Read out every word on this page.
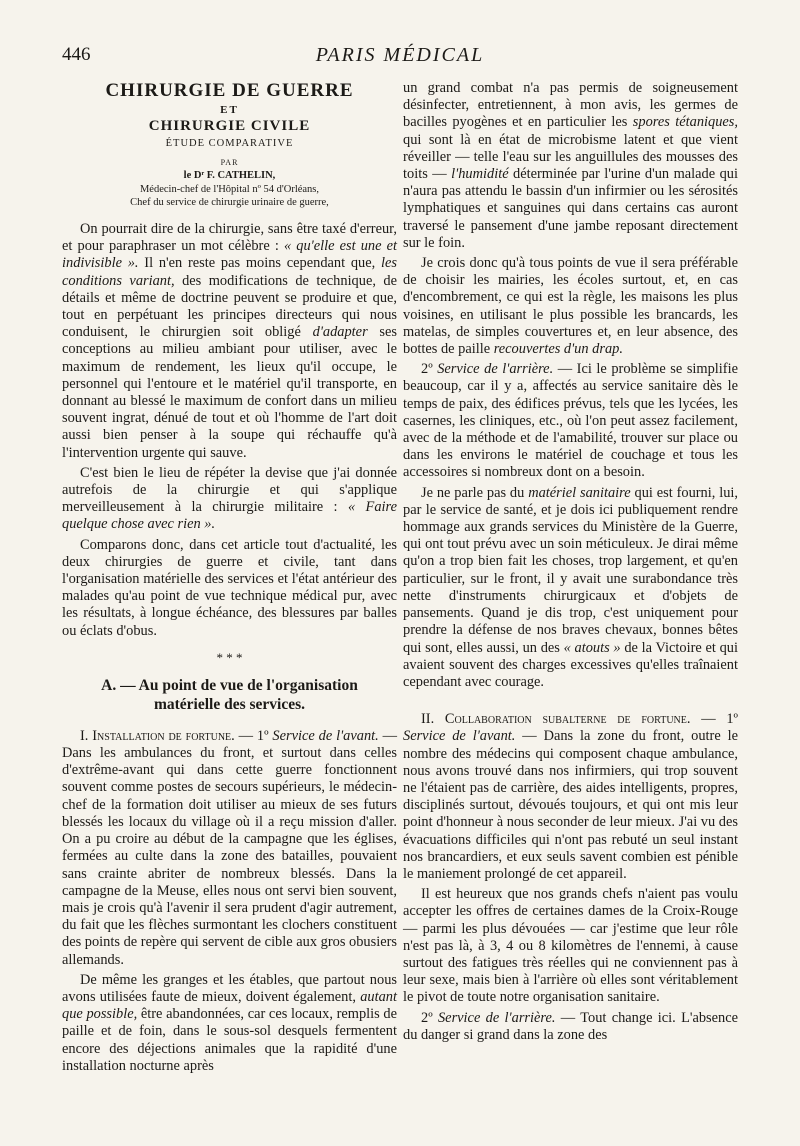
446	PARIS MÉDICAL
CHIRURGIE DE GUERRE
ET
CHIRURGIE CIVILE
ÉTUDE COMPARATIVE
PAR
le Dʳ F. CATHELIN,
Médecin-chef de l'Hôpital nº 54 d'Orléans,
Chef du service de chirurgie urinaire de guerre,

On pourrait dire de la chirurgie, sans être taxé d'erreur, et pour paraphraser un mot célèbre : « qu'elle est une et indivisible ». Il n'en reste pas moins cependant que, les conditions variant, des modifications de technique, de détails et même de doctrine peuvent se produire et que, tout en perpétuant les principes directeurs qui nous conduisent, le chirurgien soit obligé d'adapter ses conceptions au milieu ambiant pour utiliser, avec le maximum de rendement, les lieux qu'il occupe, le personnel qui l'entoure et le matériel qu'il transporte, en donnant au blessé le maximum de confort dans un milieu souvent ingrat, dénué de tout et où l'homme de l'art doit aussi bien penser à la soupe qui réchauffe qu'à l'intervention urgente qui sauve.

C'est bien le lieu de répéter la devise que j'ai donnée autrefois de la chirurgie et qui s'applique merveilleusement à la chirurgie militaire : « Faire quelque chose avec rien ».

Comparons donc, dans cet article tout d'actualité, les deux chirurgies de guerre et civile, tant dans l'organisation matérielle des services et l'état antérieur des malades qu'au point de vue technique médical pur, avec les résultats, à longue échéance, des blessures par balles ou éclats d'obus.

* * *
A. — Au point de vue de l'organisation
matérielle des services.

I. Installation de fortune. — 1º Service de l'avant. — Dans les ambulances du front, et surtout dans celles d'extrême-avant qui dans cette guerre fonctionnent souvent comme postes de secours supérieurs, le médecin-chef de la formation doit utiliser au mieux de ses futurs blessés les locaux du village où il a reçu mission d'aller. On a pu croire au début de la campagne que les églises, fermées au culte dans la zone des batailles, pouvaient sans crainte abriter de nombreux blessés. Dans la campagne de la Meuse, elles nous ont servi bien souvent, mais je crois qu'à l'avenir il sera prudent d'agir autrement, du fait que les flèches surmontant les clochers constituent des points de repère qui servent de cible aux gros obusiers allemands.

De même les granges et les étables, que partout nous avons utilisées faute de mieux, doivent également, autant que possible, être abandonnées, car ces locaux, remplis de paille et de foin, dans le sous-sol desquels fermentent encore des déjections animales que la rapidité d'une installation nocturne après

un grand combat n'a pas permis de soigneusement désinfecter, entretiennent, à mon avis, les germes de bacilles pyogènes et en particulier les spores tétaniques, qui sont là en état de microbisme latent et que vient réveiller — telle l'eau sur les anguillules des mousses des toits — l'humidité déterminée par l'urine d'un malade qui n'aura pas attendu le bassin d'un infirmier ou les sérosités lymphatiques et sanguines qui dans certains cas auront traversé le pansement d'une jambe reposant directement sur le foin.

Je crois donc qu'à tous points de vue il sera préférable de choisir les mairies, les écoles surtout, et, en cas d'encombrement, ce qui est la règle, les maisons les plus voisines, en utilisant le plus possible les brancards, les matelas, de simples couvertures et, en leur absence, des bottes de paille recouvertes d'un drap.

2º Service de l'arrière. — Ici le problème se simplifie beaucoup, car il y a, affectés au service sanitaire dès le temps de paix, des édifices prévus, tels que les lycées, les casernes, les cliniques, etc., où l'on peut assez facilement, avec de la méthode et de l'amabilité, trouver sur place ou dans les environs le matériel de couchage et tous les accessoires si nombreux dont on a besoin.

Je ne parle pas du matériel sanitaire qui est fourni, lui, par le service de santé, et je dois ici publiquement rendre hommage aux grands services du Ministère de la Guerre, qui ont tout prévu avec un soin méticuleux. Je dirai même qu'on a trop bien fait les choses, trop largement, et qu'en particulier, sur le front, il y avait une surabondance très nette d'instruments chirurgicaux et d'objets de pansements. Quand je dis trop, c'est uniquement pour prendre la défense de nos braves chevaux, bonnes bêtes qui sont, elles aussi, un des « atouts » de la Victoire et qui avaient souvent des charges excessives qu'elles traînaient cependant avec courage.

II. Collaboration subalterne de fortune. — 1º Service de l'avant. — Dans la zone du front, outre le nombre des médecins qui composent chaque ambulance, nous avons trouvé dans nos infirmiers, qui trop souvent ne l'étaient pas de carrière, des aides intelligents, propres, disciplinés surtout, dévoués toujours, et qui ont mis leur point d'honneur à nous seconder de leur mieux. J'ai vu des évacuations difficiles qui n'ont pas rebuté un seul instant nos brancardiers, et eux seuls savent combien est pénible le maniement prolongé de cet appareil.

Il est heureux que nos grands chefs n'aient pas voulu accepter les offres de certaines dames de la Croix-Rouge — parmi les plus dévouées — car j'estime que leur rôle n'est pas là, à 3, 4 ou 8 kilomètres de l'ennemi, à cause surtout des fatigues très réelles qui ne conviennent pas à leur sexe, mais bien à l'arrière où elles sont véritablement le pivot de toute notre organisation sanitaire.

2º Service de l'arrière. — Tout change ici. L'absence du danger si grand dans la zone des
